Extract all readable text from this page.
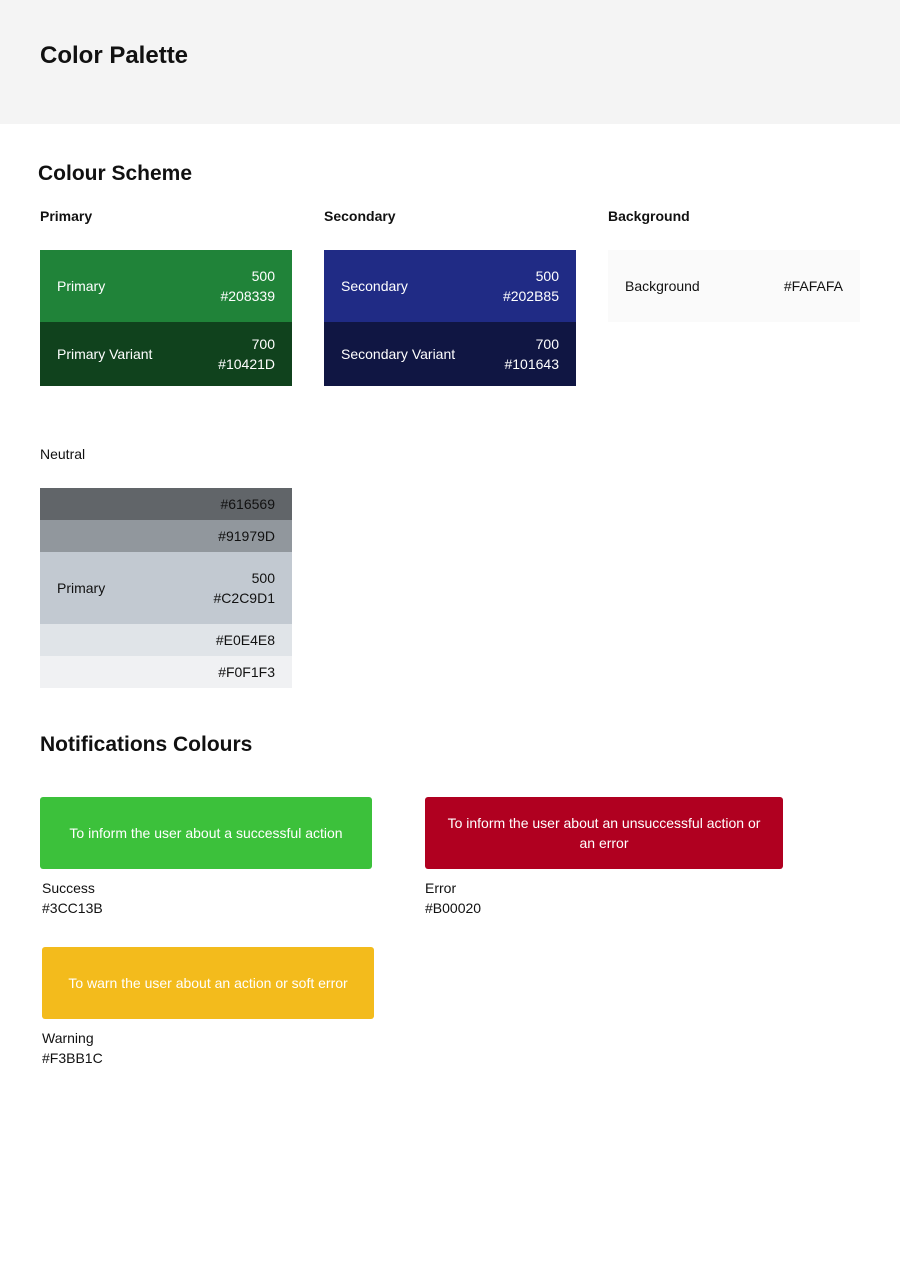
Color Palette
Colour Scheme
Primary
Primary
500
#208339
Primary Variant
700
#10421D
Secondary
Secondary
500
#202B85
Secondary Variant
700
#101643
Background
Background	#FAFAFA
Neutral
#616569
#91979D
Primary
500
#C2C9D1
#E0E4E8
#F0F1F3
Notifications Colours
To inform the user about a successful action
Success
#3CC13B
To inform the user about an unsuccessful action or an error
Error
#B00020
To warn the user about an action or soft error
Warning
#F3BB1C
